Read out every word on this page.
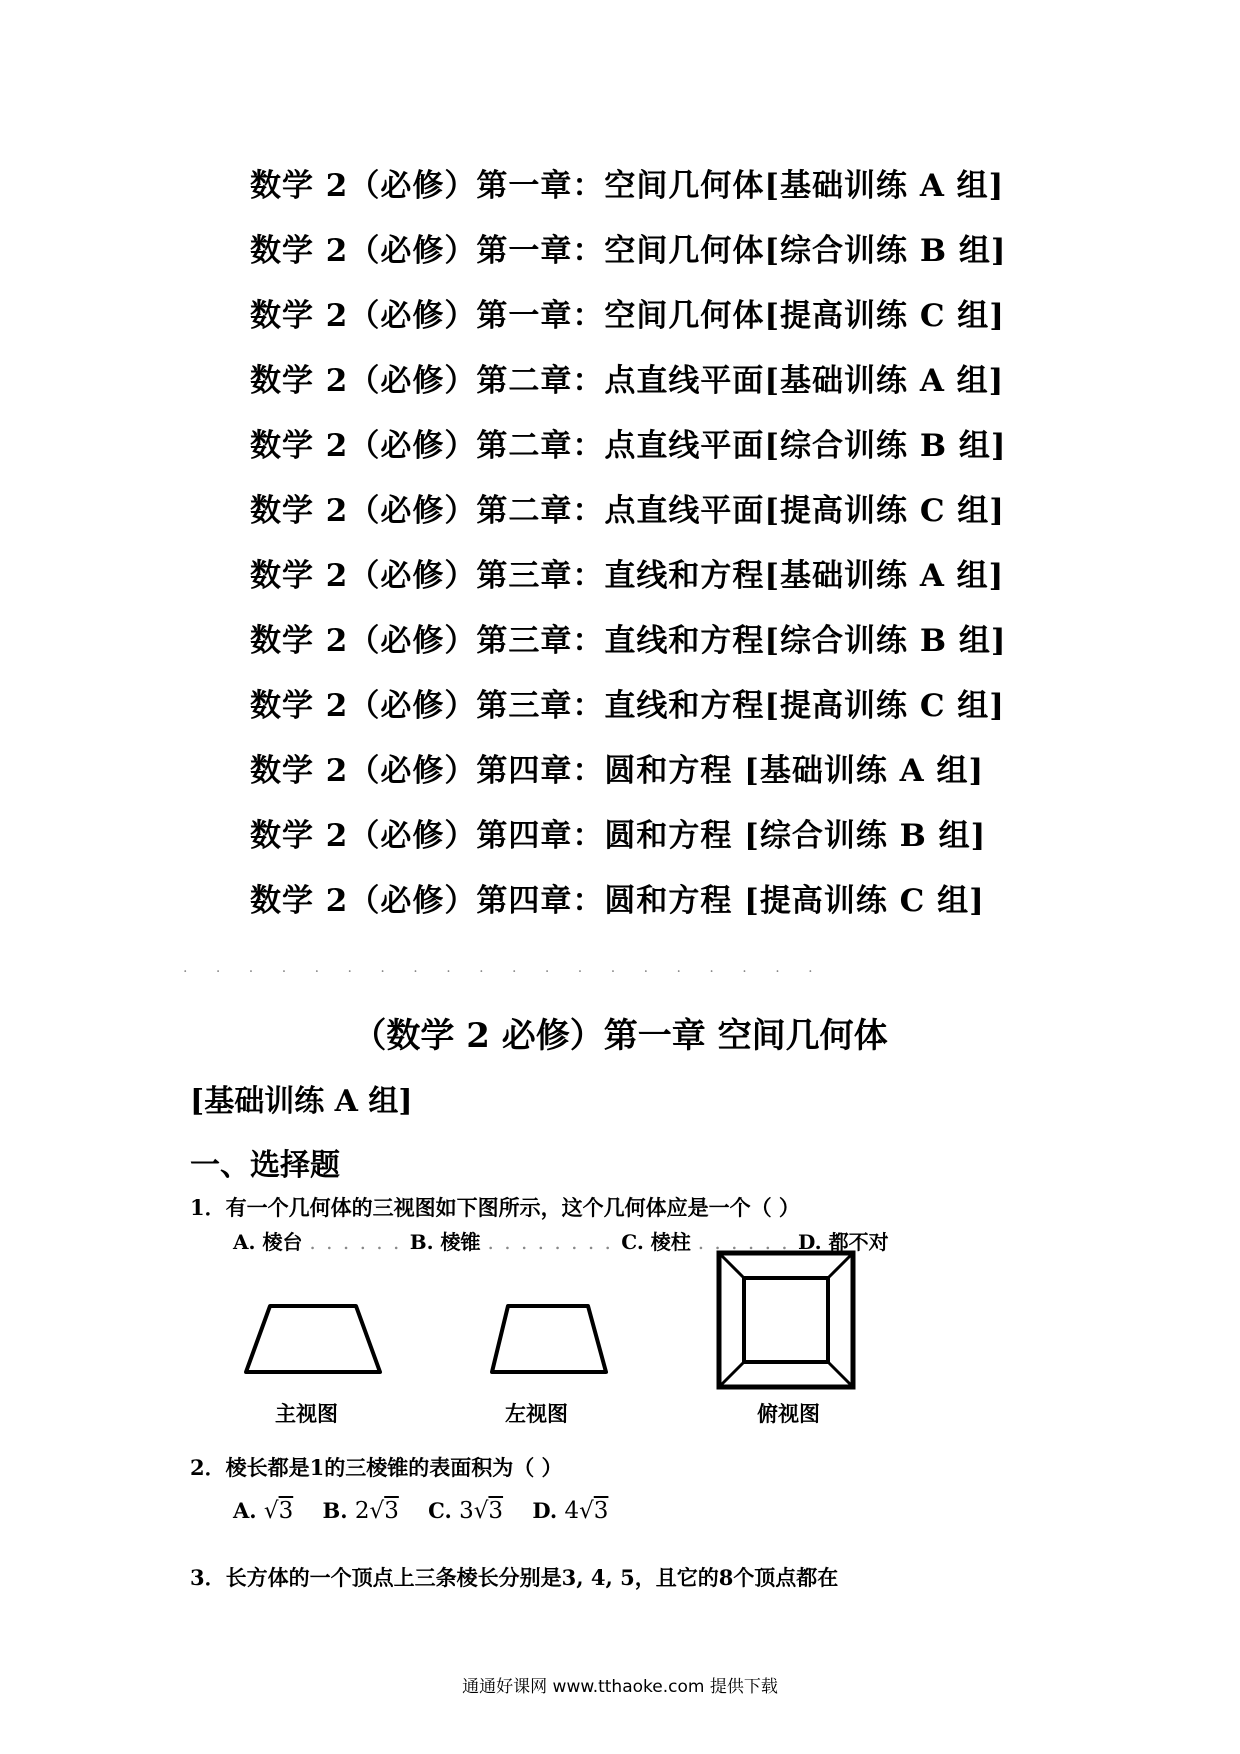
数学 2（必修）第一章：空间几何体[基础训练 A 组]
数学 2（必修）第一章：空间几何体[综合训练 B 组]
数学 2（必修）第一章：空间几何体[提高训练 C 组]
数学 2（必修）第二章：点直线平面[基础训练 A 组]
数学 2（必修）第二章：点直线平面[综合训练 B 组]
数学 2（必修）第二章：点直线平面[提高训练 C 组]
数学 2（必修）第三章：直线和方程[基础训练 A 组]
数学 2（必修）第三章：直线和方程[综合训练 B 组]
数学 2（必修）第三章：直线和方程[提高训练 C 组]
数学 2（必修）第四章：圆和方程 [基础训练 A 组]
数学 2（必修）第四章：圆和方程 [综合训练 B 组]
数学 2（必修）第四章：圆和方程 [提高训练 C 组]
. . . . . . . . . . . . . . . . . . . .
（数学 2 必修）第一章 空间几何体
[基础训练 A 组]
一、选择题
1．有一个几何体的三视图如下图所示，这个几何体应是一个（ ）
A. 棱台 . . . . . . B. 棱锥 . . . . . . . . C. 棱柱 . . . . . . D. 都不对
主视图	左视图	俯视图
2．棱长都是1的三棱锥的表面积为（ ）
A. √3 B. 2√3 C. 3√3 D. 4√3
3．长方体的一个顶点上三条棱长分别是3, 4, 5，且它的8个顶点都在
通通好课网 www.tthaoke.com 提供下载
